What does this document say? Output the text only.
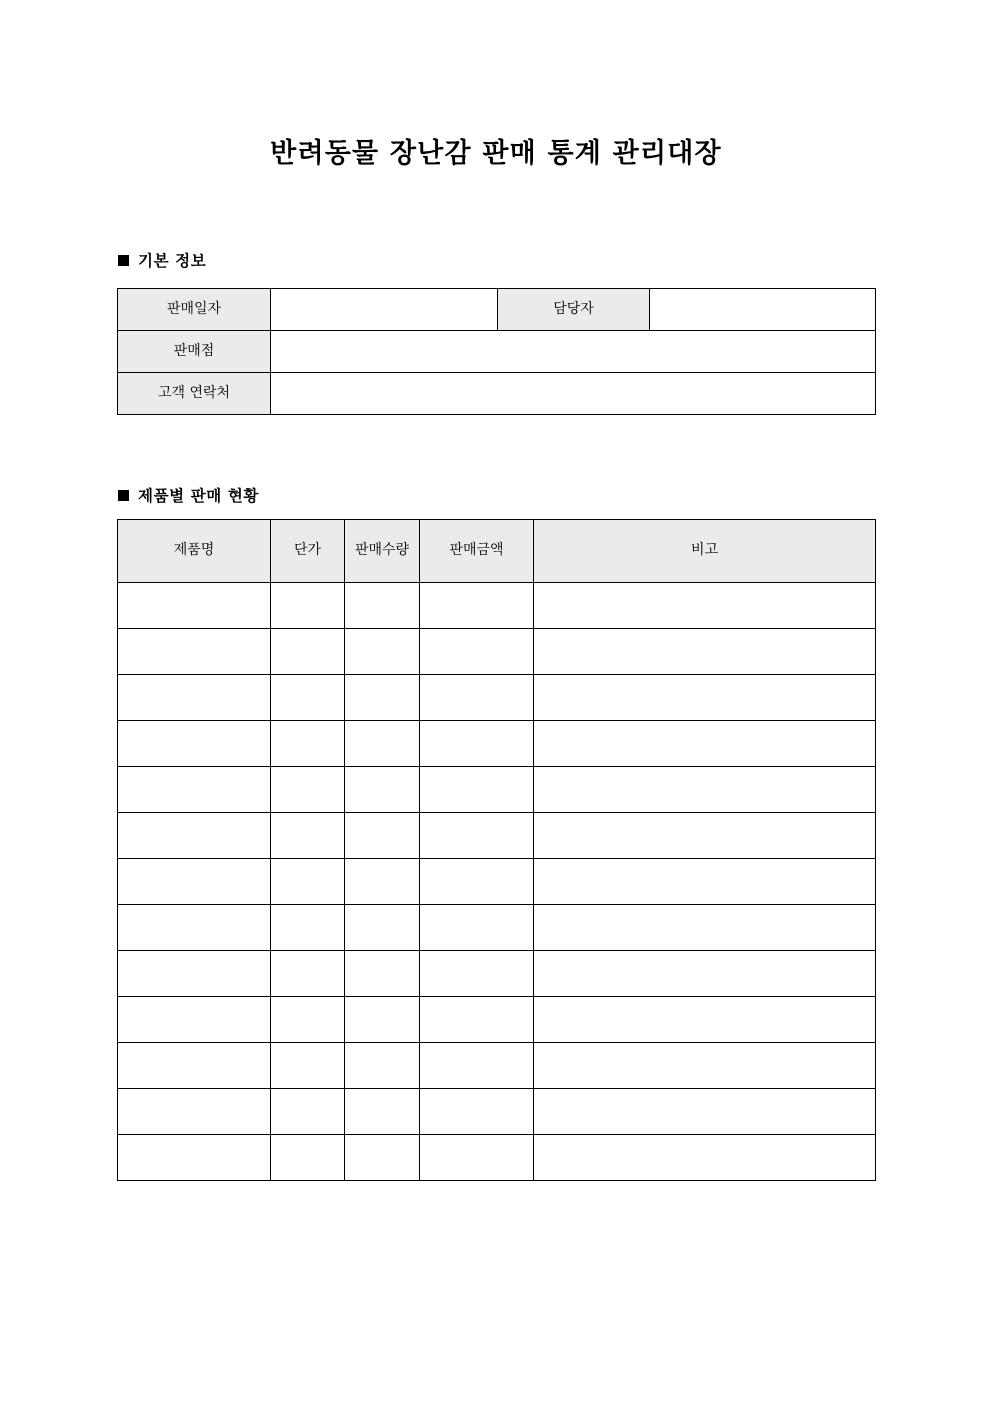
반려동물 장난감 판매 통계 관리대장
기본 정보
판매일자		담당자	
판매점			
고객 연락처			
제품별 판매 현황
제품명	단가	판매수량	판매금액	비고
